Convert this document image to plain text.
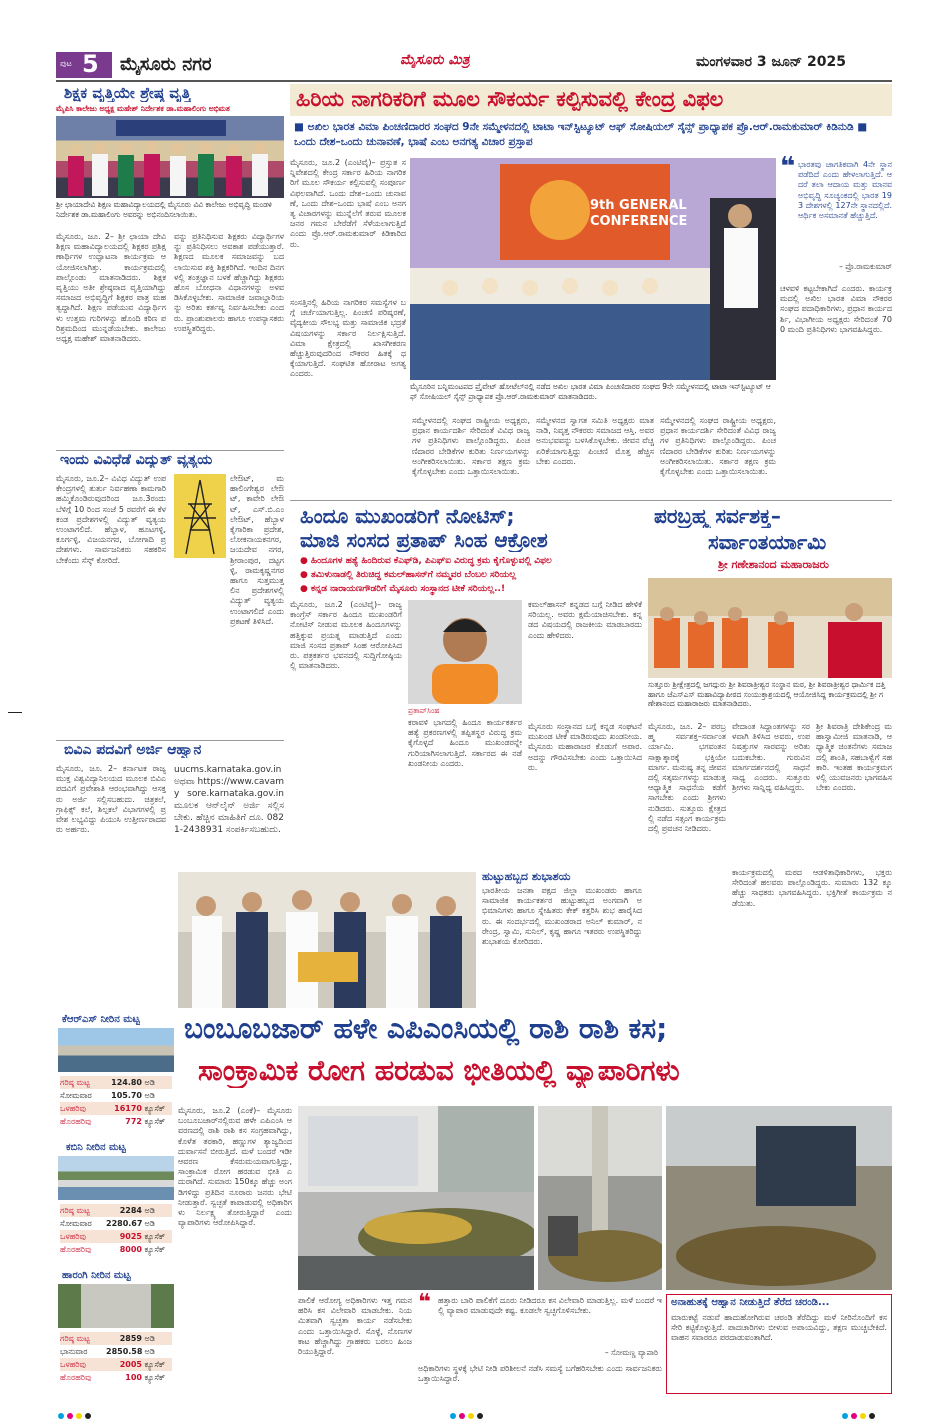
ಪುಟ 5 ಮೈಸೂರು ನಗರ	ಮೈಸೂರು ಮಿತ್ರ	ಮಂಗಳವಾರ 3 ಜೂನ್ 2025
ಶಿಕ್ಷಕ ವೃತ್ತಿಯೇ ಶ್ರೇಷ್ಠ ವೃತ್ತಿ
ಮೈಪಿಸಿ ಕಾಲೇಜು ಅಧ್ಯಕ್ಷ ಮಹೇಶ್ ನಿರ್ದೇಶಕ ಡಾ.ಮಹಾಲಿಂಗು ಅಭಿಮತ
ಶ್ರೀ ಛಾಯಾದೇವಿ ಶಿಕ್ಷಣ ಮಹಾವಿದ್ಯಾಲಯದಲ್ಲಿ ಮೈಸೂರು ವಿವಿ ಕಾಲೇಜು ಅಭಿವೃದ್ಧಿ ಮಂಡಳಿ ನಿರ್ದೇಶಕ ಡಾ.ಮಹಾಲಿಂಗು ಅವರನ್ನು ಅಭಿನಂದಿಸಲಾಯಿತು.
ಮೈಸೂರು, ಜೂ. 2– ಶ್ರೀ ಛಾಯಾ ದೇವಿ ಶಿಕ್ಷಣ ಮಹಾವಿದ್ಯಾಲಯದಲ್ಲಿ ಶಿಕ್ಷಕರ ಪ್ರಶಿಕ್ಷಣಾರ್ಥಿಗಳ ಉದ್ಘಾಟನಾ ಕಾರ್ಯಕ್ರಮ ಆಯೋಜಿಸಲಾಗಿತ್ತು. ಕಾರ್ಯಕ್ರಮದಲ್ಲಿ ಪಾಲ್ಗೊಂಡು ಮಾತನಾಡಿದರು. ಶಿಕ್ಷಕ ವೃತ್ತಿಯು ಅತೀ ಶ್ರೇಷ್ಠವಾದ ವೃತ್ತಿಯಾಗಿದ್ದು ಸಮಾಜದ ಅಭಿವೃದ್ಧಿಗೆ ಶಿಕ್ಷಕರ ಪಾತ್ರ ಮಹತ್ವದ್ದಾಗಿದೆ. ಶಿಕ್ಷಣ ಪಡೆಯುವ ವಿದ್ಯಾರ್ಥಿಗಳು ಉತ್ತಮ ಗುರಿಗಳನ್ನು ಹೊಂದಿ ಕಠಿಣ ಪರಿಶ್ರಮದಿಂದ ಮುನ್ನಡೆಯಬೇಕು. ಕಾಲೇಜು ಅಧ್ಯಕ್ಷ ಮಹೇಶ್ ಮಾತನಾಡಿದರು.
ವನ್ನು ಪ್ರತಿನಿಧಿಸುವ ಶಿಕ್ಷಕರು ವಿದ್ಯಾರ್ಥಿಗಳನ್ನು ಪ್ರತಿನಿಧಿಸಲು ಅವಕಾಶ ಪಡೆಯುತ್ತಾರೆ. ಶಿಕ್ಷಣದ ಮೂಲಕ ಸಮಾಜವನ್ನು ಬದಲಾಯಿಸುವ ಶಕ್ತಿ ಶಿಕ್ಷಕರಿಗಿದೆ. ಇಂದಿನ ದಿನಗಳಲ್ಲಿ ತಂತ್ರಜ್ಞಾನ ಬಳಕೆ ಹೆಚ್ಚಾಗಿದ್ದು ಶಿಕ್ಷಕರು ಹೊಸ ಬೋಧನಾ ವಿಧಾನಗಳನ್ನು ಅಳವಡಿಸಿಕೊಳ್ಳಬೇಕು. ಸಾಮಾಜಿಕ ಜವಾಬ್ದಾರಿಯನ್ನು ಅರಿತು ಕರ್ತವ್ಯ ನಿರ್ವಹಿಸಬೇಕು ಎಂದರು. ಪ್ರಾಂಶುಪಾಲರು ಹಾಗೂ ಉಪನ್ಯಾಸಕರು ಉಪಸ್ಥಿತರಿದ್ದರು.
ಇಂದು ವಿವಿಧೆಡೆ ವಿದ್ಯುತ್ ವ್ಯತ್ಯಯ
ಮೈಸೂರು, ಜೂ.2– ವಿವಿಧ ವಿದ್ಯುತ್ ಉಪಕೇಂದ್ರಗಳಲ್ಲಿ ತುರ್ತು ನಿರ್ವಹಣಾ ಕಾಮಗಾರಿ ಹಮ್ಮಿಕೊಂಡಿರುವುದರಿಂದ ಜೂ.3ರಂದು ಬೆಳಿಗ್ಗೆ 10 ರಿಂದ ಸಂಜೆ 5 ರವರೆಗೆ ಈ ಕೆಳಕಂಡ ಪ್ರದೇಶಗಳಲ್ಲಿ ವಿದ್ಯುತ್ ವ್ಯತ್ಯಯ ಉಂಟಾಗಲಿದೆ. ಹೆಬ್ಬಾಳ, ಹೂಟಗಳ್ಳಿ, ಕೂರ್ಗಳ್ಳಿ, ವಿಜಯನಗರ, ಬೋಗಾದಿ ಪ್ರದೇಶಗಳು. ಸಾರ್ವಜನಿಕರು ಸಹಕರಿಸಬೇಕೆಂದು ಸೆಸ್ಕ್ ಕೋರಿದೆ.
ಲೇಔಟ್, ಮಹಾಲಿಂಗೇಶ್ವರ ಲೇಔಟ್, ಕಾವೇರಿ ಲೇಔಟ್, ಎಸ್.ಬಿ.ಎಂ ಲೇಔಟ್, ಹೆಬ್ಬಾಳ ಕೈಗಾರಿಕಾ ಪ್ರದೇಶ, ಲೋಕನಾಯಕನಗರ, ಜಯದೇವ ನಗರ, ಶ್ರೀರಾಂಪುರ, ದಟ್ಟಗಳ್ಳಿ, ರಾಮಕೃಷ್ಣನಗರ ಹಾಗೂ ಸುತ್ತಮುತ್ತಲಿನ ಪ್ರದೇಶಗಳಲ್ಲಿ ವಿದ್ಯುತ್ ವ್ಯತ್ಯಯ ಉಂಟಾಗಲಿದೆ ಎಂದು ಪ್ರಕಟಣೆ ತಿಳಿಸಿದೆ.
ಬಿವಿಎ ಪದವಿಗೆ ಅರ್ಜಿ ಆಹ್ವಾನ
ಮೈಸೂರು, ಜೂ. 2– ಕರ್ನಾಟಕ ರಾಜ್ಯ ಮುಕ್ತ ವಿಶ್ವವಿದ್ಯಾನಿಲಯದ ಮೂಲಕ ಬಿವಿಎ ಪದವಿಗೆ ಪ್ರವೇಶಾತಿ ಆರಂಭವಾಗಿದ್ದು ಆಸಕ್ತರು ಅರ್ಜಿ ಸಲ್ಲಿಸಬಹುದು. ಚಿತ್ರಕಲೆ, ಗ್ರಾಫಿಕ್ಸ್ ಕಲೆ, ಶಿಲ್ಪಕಲೆ ವಿಭಾಗಗಳಲ್ಲಿ ಪ್ರವೇಶ ಲಭ್ಯವಿದ್ದು ಪಿಯುಸಿ ಉತ್ತೀರ್ಣರಾದವರು ಅರ್ಹರು.
uucms.karnataka.gov.in ಅಥವಾ https://www.cavamy sore.karnataka.gov.in ಮೂಲಕ ಆನ್‌ಲೈನ್ ಅರ್ಜಿ ಸಲ್ಲಿಸಬೇಕು. ಹೆಚ್ಚಿನ ಮಾಹಿತಿಗೆ ದೂ. 0821-2438931 ಸಂಪರ್ಕಿಸಬಹುದು.
ಕೆಆರ್‌ಎಸ್ ನೀರಿನ ಮಟ್ಟ
ಗರಿಷ್ಠ ಮಟ್ಟ	124.80 ಅಡಿ
ಸೋಮವಾರ 105.70 ಅಡಿ
ಒಳಹರಿವು	16170 ಕ್ಯೂಸೆಕ್
ಹೊರಹರಿವು	772 ಕ್ಯೂಸೆಕ್
ಕಬಿನಿ ನೀರಿನ ಮಟ್ಟ
ಗರಿಷ್ಠ ಮಟ್ಟ	2284 ಅಡಿ
ಸೋಮವಾರ 2280.67 ಅಡಿ
ಒಳಹರಿವು	9025 ಕ್ಯೂಸೆಕ್
ಹೊರಹರಿವು	8000 ಕ್ಯೂಸೆಕ್
ಹಾರಂಗಿ ನೀರಿನ ಮಟ್ಟ
ಗರಿಷ್ಠ ಮಟ್ಟ	2859 ಅಡಿ
ಭಾನುವಾರ 2850.58 ಅಡಿ
ಒಳಹರಿವು	2005 ಕ್ಯೂಸೆಕ್
ಹೊರಹರಿವು	100 ಕ್ಯೂಸೆಕ್
ಹಿರಿಯ ನಾಗರಿಕರಿಗೆ ಮೂಲ ಸೌಕರ್ಯ ಕಲ್ಪಿಸುವಲ್ಲಿ ಕೇಂದ್ರ ವಿಫಲ
■ ಅಖಿಲ ಭಾರತ ವಿಮಾ ಪಿಂಚಣಿದಾರರ ಸಂಘದ 9ನೇ ಸಮ್ಮೇಳನದಲ್ಲಿ ಟಾಟಾ ಇನ್‌ಸ್ಟಿಟ್ಯೂಟ್ ಆಫ್ ಸೋಷಿಯಲ್ ಸೈನ್ಸ್ ಪ್ರಾಧ್ಯಾಪಕ ಪ್ರೊ.ಆರ್.ರಾಮಕುಮಾರ್ ಕಿಡಿನುಡಿ ■ ಒಂದು ದೇಶ–ಒಂದು ಚುನಾವಣೆ, ಭಾಷೆ ಎಂಬ ಅನಗತ್ಯ ವಿಚಾರ ಪ್ರಸ್ತಾಪ
ಮೈಸೂರು, ಜೂ.2 (ಎಂಟಿವೈ)– ಪ್ರಸ್ತುತ ಸನ್ನಿವೇಶದಲ್ಲಿ ಕೇಂದ್ರ ಸರ್ಕಾರ ಹಿರಿಯ ನಾಗರಿಕರಿಗೆ ಮೂಲ ಸೌಕರ್ಯ ಕಲ್ಪಿಸುವಲ್ಲಿ ಸಂಪೂರ್ಣ ವಿಫಲವಾಗಿದೆ. ಒಂದು ದೇಶ–ಒಂದು ಚುನಾವಣೆ, ಒಂದು ದೇಶ–ಒಂದು ಭಾಷೆ ಎಂಬ ಅನಗತ್ಯ ವಿಚಾರಗಳನ್ನು ಮುನ್ನೆಲೆಗೆ ತರುವ ಮೂಲಕ ಜನರ ಗಮನ ಬೇರೆಡೆಗೆ ಸೆಳೆಯಲಾಗುತ್ತಿದೆ ಎಂದು ಪ್ರೊ.ಆರ್.ರಾಮಕುಮಾರ್ ಕಿಡಿಕಾರಿದರು.
9th GENERAL
CONFERENCE
❝ ಭಾರತವು ಜಾಗತಿಕವಾಗಿ 4ನೇ ಸ್ಥಾನ ಪಡೆದಿದೆ ಎಂದು ಹೇಳಲಾಗುತ್ತಿದೆ. ಆದರೆ ತಲಾ ಆದಾಯ ಮತ್ತು ಮಾನವ ಅಭಿವೃದ್ಧಿ ಸೂಚ್ಯಂಕದಲ್ಲಿ ಭಾರತ 193 ದೇಶಗಳಲ್ಲಿ 127ನೇ ಸ್ಥಾನದಲ್ಲಿದೆ. ಆರ್ಥಿಕ ಅಸಮಾನತೆ ಹೆಚ್ಚುತ್ತಿದೆ.
– ಪ್ರೊ.ರಾಮಕುಮಾರ್
ಚಳವಳಿ ಕಟ್ಟಬೇಕಾಗಿದೆ ಎಂದರು. ಕಾರ್ಯಕ್ರಮದಲ್ಲಿ ಅಖಿಲ ಭಾರತ ವಿಮಾ ನೌಕರರ ಸಂಘದ ಪದಾಧಿಕಾರಿಗಳು, ಪ್ರಧಾನ ಕಾರ್ಯದರ್ಶಿ, ವಿಭಾಗೀಯ ಅಧ್ಯಕ್ಷರು ಸೇರಿದಂತೆ 700 ಮಂದಿ ಪ್ರತಿನಿಧಿಗಳು ಭಾಗವಹಿಸಿದ್ದರು.
ಮೈಸೂರಿನ ಬನ್ನಿಮಂಟಪದ ಪ್ರೈವೇಟ್ ಹೋಟೆಲ್‌ನಲ್ಲಿ ನಡೆದ ಅಖಿಲ ಭಾರತ ವಿಮಾ ಪಿಂಚಣಿದಾರರ ಸಂಘದ 9ನೇ ಸಮ್ಮೇಳನದಲ್ಲಿ ಟಾಟಾ ಇನ್‌ಸ್ಟಿಟ್ಯೂಟ್ ಆಫ್ ಸೋಷಿಯಲ್ ಸೈನ್ಸ್ ಪ್ರಾಧ್ಯಾಪಕ ಪ್ರೊ.ಆರ್.ರಾಮಕುಮಾರ್ ಮಾತನಾಡಿದರು.
ಸಂಸತ್ತಿನಲ್ಲಿ ಹಿರಿಯ ನಾಗರಿಕರ ಸಮಸ್ಯೆಗಳ ಬಗ್ಗೆ ಚರ್ಚೆಯಾಗುತ್ತಿಲ್ಲ. ಪಿಂಚಣಿ ಪರಿಷ್ಕರಣೆ, ವೈದ್ಯಕೀಯ ಸೌಲಭ್ಯ ಮತ್ತು ಸಾಮಾಜಿಕ ಭದ್ರತೆ ವಿಷಯಗಳನ್ನು ಸರ್ಕಾರ ನಿರ್ಲಕ್ಷಿಸುತ್ತಿದೆ. ವಿಮಾ ಕ್ಷೇತ್ರದಲ್ಲಿ ಖಾಸಗೀಕರಣ ಹೆಚ್ಚುತ್ತಿರುವುದರಿಂದ ನೌಕರರ ಹಿತಕ್ಕೆ ಧಕ್ಕೆಯಾಗುತ್ತಿದೆ. ಸಂಘಟಿತ ಹೋರಾಟ ಅಗತ್ಯ ಎಂದರು.
ಸಮ್ಮೇಳನದಲ್ಲಿ ಸಂಘದ ರಾಷ್ಟ್ರೀಯ ಅಧ್ಯಕ್ಷರು, ಪ್ರಧಾನ ಕಾರ್ಯದರ್ಶಿ ಸೇರಿದಂತೆ ವಿವಿಧ ರಾಜ್ಯಗಳ ಪ್ರತಿನಿಧಿಗಳು ಪಾಲ್ಗೊಂಡಿದ್ದರು. ಪಿಂಚಣಿದಾರರ ಬೇಡಿಕೆಗಳ ಕುರಿತು ನಿರ್ಣಯಗಳನ್ನು ಅಂಗೀಕರಿಸಲಾಯಿತು. ಸರ್ಕಾರ ತಕ್ಷಣ ಕ್ರಮ ಕೈಗೊಳ್ಳಬೇಕು ಎಂದು ಒತ್ತಾಯಿಸಲಾಯಿತು.
ಸಮ್ಮೇಳನದ ಸ್ವಾಗತ ಸಮಿತಿ ಅಧ್ಯಕ್ಷರು ಮಾತನಾಡಿ, ನಿವೃತ್ತ ನೌಕರರು ಸಮಾಜದ ಆಸ್ತಿ. ಅವರ ಅನುಭವವನ್ನು ಬಳಸಿಕೊಳ್ಳಬೇಕು. ಜೀವನ ವೆಚ್ಚ ಏರಿಕೆಯಾಗುತ್ತಿದ್ದು ಪಿಂಚಣಿ ಮೊತ್ತ ಹೆಚ್ಚಿಸಬೇಕು ಎಂದರು.
ಸಮ್ಮೇಳನದಲ್ಲಿ ಸಂಘದ ರಾಷ್ಟ್ರೀಯ ಅಧ್ಯಕ್ಷರು, ಪ್ರಧಾನ ಕಾರ್ಯದರ್ಶಿ ಸೇರಿದಂತೆ ವಿವಿಧ ರಾಜ್ಯಗಳ ಪ್ರತಿನಿಧಿಗಳು ಪಾಲ್ಗೊಂಡಿದ್ದರು. ಪಿಂಚಣಿದಾರರ ಬೇಡಿಕೆಗಳ ಕುರಿತು ನಿರ್ಣಯಗಳನ್ನು ಅಂಗೀಕರಿಸಲಾಯಿತು. ಸರ್ಕಾರ ತಕ್ಷಣ ಕ್ರಮ ಕೈಗೊಳ್ಳಬೇಕು ಎಂದು ಒತ್ತಾಯಿಸಲಾಯಿತು.
ಹಿಂದೂ ಮುಖಂಡರಿಗೆ ನೋಟಿಸ್;
ಮಾಜಿ ಸಂಸದ ಪ್ರತಾಪ್ ಸಿಂಹ ಆಕ್ರೋಶ
● ಹಿಂದೂಗಳ ಹತ್ಯೆ ಹಿಂದಿರುವ ಕೆಎಫ್‌ಡಿ, ಪಿಎಫ್‌ಐ ವಿರುದ್ಧ ಕ್ರಮ ಕೈಗೊಳ್ಳುವಲ್ಲಿ ವಿಫಲ
● ತಮಿಳುನಾಡಲ್ಲಿ ತಿರುಚಿದ್ದ ಕಮಲ್‌ಹಾಸನ್‌ಗೆ ನಮ್ಮವರ ಬೆಂಬಲ ಸರಿಯಲ್ಲ
● ಕನ್ನಡ ನಾರಾಯಣಗೌಡರಿಗೆ ಮೈಸೂರು ಸಂಸ್ಥಾನದ ಟೀಕೆ ಸರಿಯಲ್ಲ..!
ಮೈಸೂರು, ಜೂ.2 (ಎಂಟಿವೈ)– ರಾಜ್ಯ ಕಾಂಗ್ರೆಸ್ ಸರ್ಕಾರ ಹಿಂದೂ ಮುಖಂಡರಿಗೆ ನೋಟಿಸ್ ನೀಡುವ ಮೂಲಕ ಹಿಂದೂಗಳನ್ನು ಹತ್ತಿಕ್ಕುವ ಪ್ರಯತ್ನ ಮಾಡುತ್ತಿದೆ ಎಂದು ಮಾಜಿ ಸಂಸದ ಪ್ರತಾಪ್ ಸಿಂಹ ಆರೋಪಿಸಿದರು. ಪತ್ರಕರ್ತರ ಭವನದಲ್ಲಿ ಸುದ್ದಿಗೋಷ್ಠಿಯಲ್ಲಿ ಮಾತನಾಡಿದರು.
ಪ್ರತಾಪ್‌ಸಿಂಹ
ಕರಾವಳಿ ಭಾಗದಲ್ಲಿ ಹಿಂದೂ ಕಾರ್ಯಕರ್ತರ ಹತ್ಯೆ ಪ್ರಕರಣಗಳಲ್ಲಿ ತಪ್ಪಿತಸ್ಥರ ವಿರುದ್ಧ ಕ್ರಮ ಕೈಗೊಳ್ಳದೆ ಹಿಂದೂ ಮುಖಂಡರನ್ನೇ ಗುರಿಯಾಗಿಸಲಾಗುತ್ತಿದೆ. ಸರ್ಕಾರದ ಈ ನಡೆ ಖಂಡನೀಯ ಎಂದರು.
ಕಮಲ್‌ಹಾಸನ್ ಕನ್ನಡದ ಬಗ್ಗೆ ನೀಡಿದ ಹೇಳಿಕೆ ಸರಿಯಲ್ಲ. ಅವರು ಕ್ಷಮೆಯಾಚಿಸಬೇಕು. ಕನ್ನಡದ ವಿಷಯದಲ್ಲಿ ರಾಜಕೀಯ ಮಾಡಬಾರದು ಎಂದು ಹೇಳಿದರು.
ಮೈಸೂರು ಸಂಸ್ಥಾನದ ಬಗ್ಗೆ ಕನ್ನಡ ಸಂಘಟನೆ ಮುಖಂಡ ಟೀಕೆ ಮಾಡಿರುವುದು ಖಂಡನೀಯ. ಮೈಸೂರು ಮಹಾರಾಜರ ಕೊಡುಗೆ ಅಪಾರ. ಅದನ್ನು ಗೌರವಿಸಬೇಕು ಎಂದು ಒತ್ತಾಯಿಸಿದರು.
ಪರಬ್ರಹ್ಮ ಸರ್ವಶಕ್ತ–
ಸರ್ವಾಂತರ್ಯಾಮಿ
ಶ್ರೀ ಗಣೇಶಾನಂದ ಮಹಾರಾಜರು
ಸುತ್ತೂರು ಶ್ರೀಕ್ಷೇತ್ರದಲ್ಲಿ ಜಗದ್ಗುರು ಶ್ರೀ ಶಿವರಾತ್ರೀಶ್ವರ ಸಂಸ್ಥಾನ ಮಠ, ಶ್ರೀ ಶಿವರಾತ್ರೀಶ್ವರ ಧಾರ್ಮಿಕ ದತ್ತಿ ಹಾಗೂ ಜೆಎಸ್‌ಎಸ್ ಮಹಾವಿದ್ಯಾಪೀಠದ ಸಂಯುಕ್ತಾಶ್ರಯದಲ್ಲಿ ಆಯೋಜಿಸಿದ್ದ ಕಾರ್ಯಕ್ರಮದಲ್ಲಿ ಶ್ರೀ ಗಣೇಶಾನಂದ ಮಹಾರಾಜರು ಮಾತನಾಡಿದರು.
ಮೈಸೂರು, ಜೂ. 2– ಪರಬ್ರಹ್ಮ ಸರ್ವಶಕ್ತ–ಸರ್ವಾಂತರ್ಯಾಮಿ. ಭಗವಂತನ ಸಾಕ್ಷಾತ್ಕಾರಕ್ಕೆ ಭಕ್ತಿಯೇ ಮಾರ್ಗ. ಮನುಷ್ಯ ತನ್ನ ಜೀವನದಲ್ಲಿ ಸತ್ಕರ್ಮಗಳನ್ನು ಮಾಡುತ್ತ ಆಧ್ಯಾತ್ಮಿಕ ಸಾಧನೆಯ ಕಡೆಗೆ ಸಾಗಬೇಕು ಎಂದು ಶ್ರೀಗಳು ನುಡಿದರು. ಸುತ್ತೂರು ಕ್ಷೇತ್ರದಲ್ಲಿ ನಡೆದ ಸತ್ಸಂಗ ಕಾರ್ಯಕ್ರಮದಲ್ಲಿ ಪ್ರವಚನ ನೀಡಿದರು.
ವೇದಾಂತ ಸಿದ್ಧಾಂತಗಳನ್ನು ಸರಳವಾಗಿ ತಿಳಿಸಿದ ಅವರು, ಉಪನಿಷತ್ತುಗಳ ಸಾರವನ್ನು ಅರಿತು ಬದುಕಬೇಕು. ಗುರುವಿನ ಮಾರ್ಗದರ್ಶನದಲ್ಲಿ ಸಾಧನೆ ಸಾಧ್ಯ ಎಂದರು. ಸುತ್ತೂರು ಶ್ರೀಗಳು ಸಾನ್ನಿಧ್ಯ ವಹಿಸಿದ್ದರು.
ಶ್ರೀ ಶಿವರಾತ್ರಿ ದೇಶಿಕೇಂದ್ರ ಮಹಾಸ್ವಾಮೀಜಿ ಮಾತನಾಡಿ, ಆಧ್ಯಾತ್ಮಿಕ ಚಿಂತನೆಗಳು ಸಮಾಜದಲ್ಲಿ ಶಾಂತಿ, ಸಹಬಾಳ್ವೆಗೆ ಸಹಕಾರಿ. ಇಂತಹ ಕಾರ್ಯಕ್ರಮಗಳಲ್ಲಿ ಯುವಜನರು ಭಾಗವಹಿಸಬೇಕು ಎಂದರು.
ಕಾರ್ಯಕ್ರಮದಲ್ಲಿ ಮಠದ ಆಡಳಿತಾಧಿಕಾರಿಗಳು, ಭಕ್ತರು ಸೇರಿದಂತೆ ಹಲವರು ಪಾಲ್ಗೊಂಡಿದ್ದರು. ಸುಮಾರು 132 ಕ್ಕೂ ಹೆಚ್ಚು ಸಾಧಕರು ಭಾಗವಹಿಸಿದ್ದರು. ಭಕ್ತಿಗೀತೆ ಕಾರ್ಯಕ್ರಮ ನಡೆಯಿತು.
ಹುಟ್ಟುಹಬ್ಬದ ಶುಭಾಶಯ
ಭಾರತೀಯ ಜನತಾ ಪಕ್ಷದ ಜಿಲ್ಲಾ ಮುಖಂಡರು ಹಾಗೂ ಸಾಮಾಜಿಕ ಕಾರ್ಯಕರ್ತರ ಹುಟ್ಟುಹಬ್ಬದ ಅಂಗವಾಗಿ ಅಭಿಮಾನಿಗಳು ಹಾಗೂ ಸ್ನೇಹಿತರು ಕೇಕ್ ಕತ್ತರಿಸಿ ಶುಭ ಹಾರೈಸಿದರು. ಈ ಸಂದರ್ಭದಲ್ಲಿ ಮುಖಂಡರಾದ ಅನಿಲ್ ಕುಮಾರ್, ನರೇಂದ್ರ, ಸ್ವಾಮಿ, ಸುನಿಲ್, ಕೃಷ್ಣ ಹಾಗೂ ಇತರರು ಉಪಸ್ಥಿತರಿದ್ದು ಶುಭಾಶಯ ಕೋರಿದರು.
ಬಂಬೂಬಜಾರ್ ಹಳೇ ಎಪಿಎಂಸಿಯಲ್ಲಿ ರಾಶಿ ರಾಶಿ ಕಸ;
ಸಾಂಕ್ರಾಮಿಕ ರೋಗ ಹರಡುವ ಭೀತಿಯಲ್ಲಿ ವ್ಯಾಪಾರಿಗಳು
ಮೈಸೂರು, ಜೂ.2 (ಎಂಕೆ)– ಮೈಸೂರು ಬಂಬೂಬಜಾರ್‌ನಲ್ಲಿರುವ ಹಳೇ ಎಪಿಎಂಸಿ ಆವರಣದಲ್ಲಿ ರಾಶಿ ರಾಶಿ ಕಸ ಸಂಗ್ರಹವಾಗಿದ್ದು, ಕೊಳೆತ ತರಕಾರಿ, ಹಣ್ಣುಗಳ ತ್ಯಾಜ್ಯದಿಂದ ದುರ್ವಾಸನೆ ಬೀರುತ್ತಿದೆ. ಮಳೆ ಬಂದರೆ ಇಡೀ ಆವರಣ ಕೆಸರುಮಯವಾಗುತ್ತಿದ್ದು, ಸಾಂಕ್ರಾಮಿಕ ರೋಗ ಹರಡುವ ಭೀತಿ ಎದುರಾಗಿದೆ. ಸುಮಾರು 150ಕ್ಕೂ ಹೆಚ್ಚು ಅಂಗಡಿಗಳಿದ್ದು ಪ್ರತಿದಿನ ನೂರಾರು ಜನರು ಭೇಟಿ ನೀಡುತ್ತಾರೆ. ಸ್ವಚ್ಛತೆ ಕಾಪಾಡುವಲ್ಲಿ ಅಧಿಕಾರಿಗಳು ನಿರ್ಲಕ್ಷ್ಯ ತೋರುತ್ತಿದ್ದಾರೆ ಎಂದು ವ್ಯಾಪಾರಿಗಳು ಆರೋಪಿಸಿದ್ದಾರೆ.
ಪಾಲಿಕೆ ಆರೋಗ್ಯ ಅಧಿಕಾರಿಗಳು ಇತ್ತ ಗಮನ ಹರಿಸಿ ಕಸ ವಿಲೇವಾರಿ ಮಾಡಬೇಕು. ನಿಯಮಿತವಾಗಿ ಸ್ವಚ್ಛತಾ ಕಾರ್ಯ ನಡೆಸಬೇಕು ಎಂದು ಒತ್ತಾಯಿಸಿದ್ದಾರೆ. ಸೊಳ್ಳೆ, ನೊಣಗಳ ಕಾಟ ಹೆಚ್ಚಾಗಿದ್ದು ಗ್ರಾಹಕರು ಬರಲು ಹಿಂಜರಿಯುತ್ತಿದ್ದಾರೆ.
❝ ಹತ್ತಾರು ಬಾರಿ ಪಾಲಿಕೆಗೆ ದೂರು ನೀಡಿದರೂ ಕಸ ವಿಲೇವಾರಿ ಮಾಡುತ್ತಿಲ್ಲ. ಮಳೆ ಬಂದರೆ ಇಲ್ಲಿ ವ್ಯಾಪಾರ ಮಾಡುವುದೇ ಕಷ್ಟ. ಕೂಡಲೇ ಸ್ವಚ್ಛಗೊಳಿಸಬೇಕು.
– ಸೋಮಣ್ಣ ವ್ಯಾಪಾರಿ
ಅಧಿಕಾರಿಗಳು ಸ್ಥಳಕ್ಕೆ ಭೇಟಿ ನೀಡಿ ಪರಿಶೀಲನೆ ನಡೆಸಿ ಸಮಸ್ಯೆ ಬಗೆಹರಿಸಬೇಕು ಎಂದು ಸಾರ್ವಜನಿಕರು ಒತ್ತಾಯಿಸಿದ್ದಾರೆ.
ಅನಾಹುತಕ್ಕೆ ಆಹ್ವಾನ ನೀಡುತ್ತಿದೆ ತೆರೆದ ಚರಂಡಿ...
ಮಾರುಕಟ್ಟೆ ನಡುವೆ ಹಾದುಹೋಗಿರುವ ಚರಂಡಿ ತೆರೆದಿದ್ದು ಮಳೆ ನೀರಿನೊಂದಿಗೆ ಕಸ ಸೇರಿ ಕಟ್ಟಿಕೊಳ್ಳುತ್ತಿದೆ. ಪಾದಚಾರಿಗಳು ಬೀಳುವ ಅಪಾಯವಿದ್ದು, ತಕ್ಷಣ ಮುಚ್ಚಬೇಕಿದೆ. ವಾಹನ ಸವಾರರೂ ಪರದಾಡುವಂತಾಗಿದೆ.
